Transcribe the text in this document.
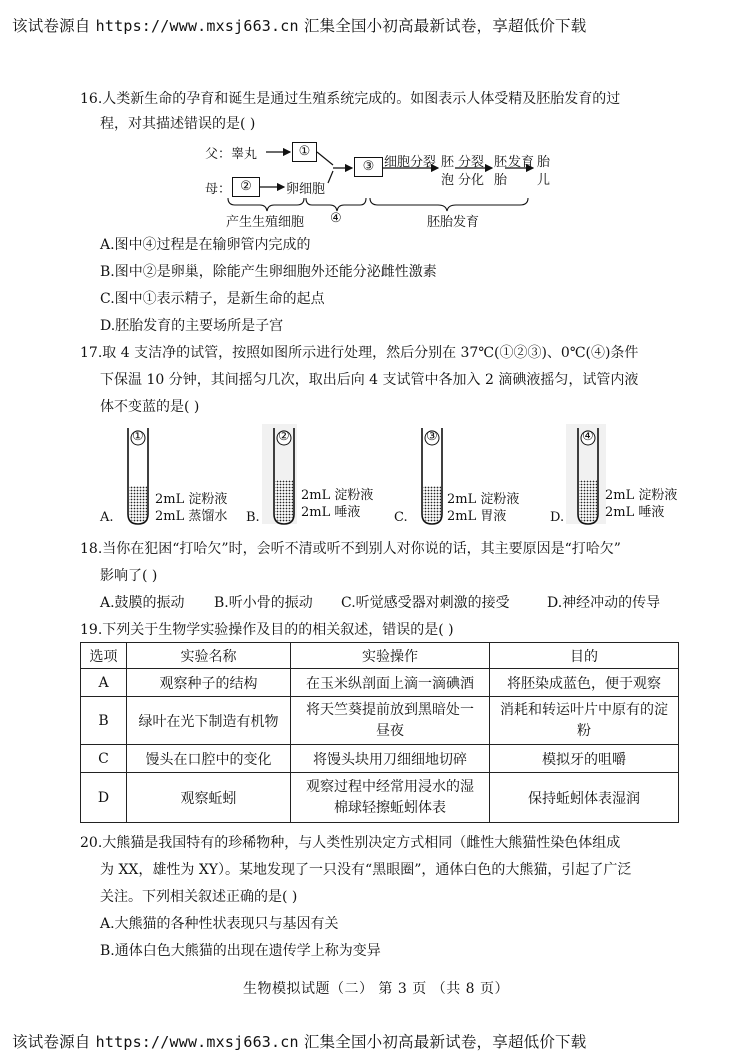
该试卷源自 https://www.mxsj663.cn 汇集全国小初高最新试卷，享超低价下载
16.人类新生命的孕育和诞生是通过生殖系统完成的。如图表示人体受精及胚胎发育的过
程，对其描述错误的是( )
父：睾丸	①
母： ②	卵细胞
③ 细胞分裂 胚
泡
分裂
分化
胚
胎
发育 胎
儿
产生生殖细胞 ④	胚胎发育
A.图中④过程是在输卵管内完成的
B.图中②是卵巢，除能产生卵细胞外还能分泌雌性激素
C.图中①表示精子，是新生命的起点
D.胚胎发育的主要场所是子宫
17.取 4 支洁净的试管，按照如图所示进行处理，然后分别在 37℃(①②③)、0℃(④)条件
下保温 10 分钟，其间摇匀几次，取出后向 4 支试管中各加入 2 滴碘液摇匀，试管内液
体不变蓝的是( )
①
A.
2mL 淀粉液
2mL 蒸馏水
②
B.
2mL 淀粉液
2mL 唾液
③
C.
2mL 淀粉液
2mL 胃液
④
D.
2mL 淀粉液
2mL 唾液
18.当你在犯困“打哈欠”时，会听不清或听不到别人对你说的话，其主要原因是“打哈欠”
影响了( )
A.鼓膜的振动 B.听小骨的振动 C.听觉感受器对刺激的接受	D.神经冲动的传导
19.下列关于生物学实验操作及目的的相关叙述，错误的是( )
选项	实验名称	实验操作	目的
A	观察种子的结构	在玉米纵剖面上滴一滴碘酒	将胚染成蓝色，便于观察
B	绿叶在光下制造有机物	将天竺葵提前放到黑暗处一
昼夜	消耗和转运叶片中原有的淀
粉
C	馒头在口腔中的变化	将馒头块用刀细细地切碎	模拟牙的咀嚼
D	观察蚯蚓	观察过程中经常用浸水的湿
棉球轻擦蚯蚓体表	保持蚯蚓体表湿润
20.大熊猫是我国特有的珍稀物种，与人类性别决定方式相同（雌性大熊猫性染色体组成
为 XX，雄性为 XY）。某地发现了一只没有“黑眼圈”，通体白色的大熊猫，引起了广泛
关注。下列相关叙述正确的是( )
A.大熊猫的各种性状表现只与基因有关
B.通体白色大熊猫的出现在遗传学上称为变异
生物模拟试题（二） 第 3 页 （共 8 页）
该试卷源自 https://www.mxsj663.cn 汇集全国小初高最新试卷，享超低价下载
